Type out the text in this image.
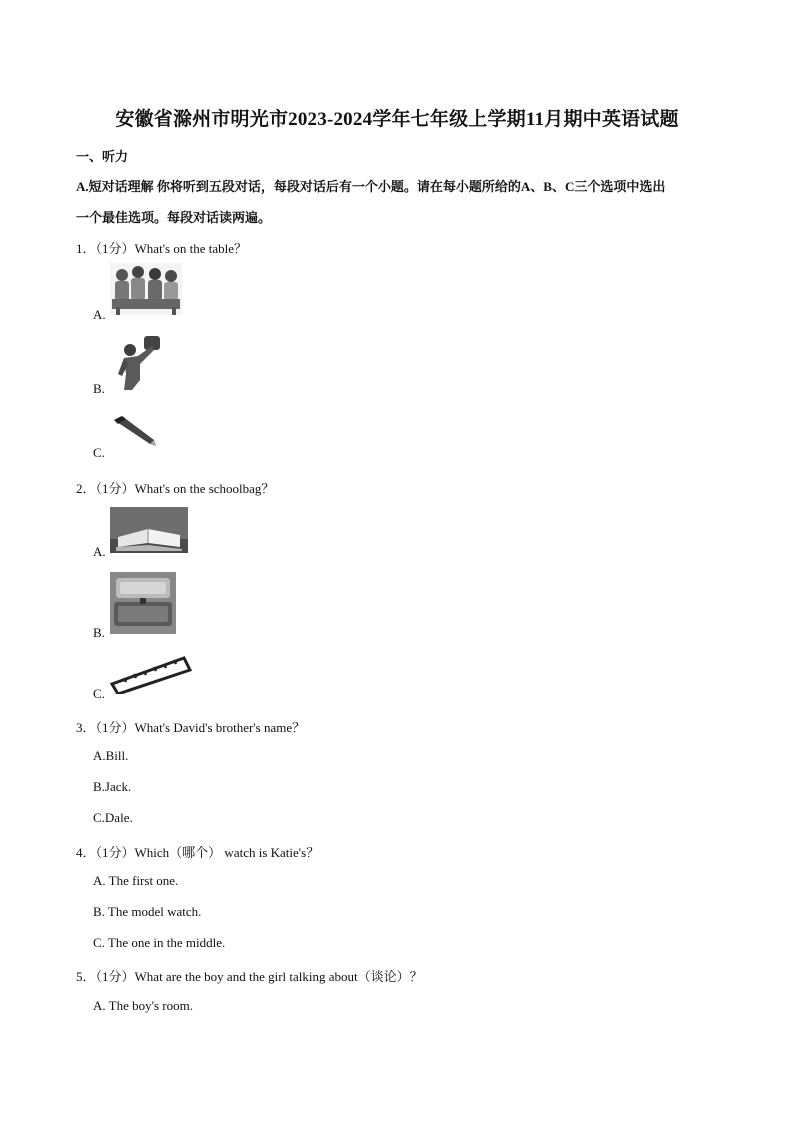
安徽省滁州市明光市2023-2024学年七年级上学期11月期中英语试题
一、听力
A.短对话理解 你将听到五段对话，每段对话后有一个小题。请在每小题所给的A、B、C三个选项中选出
一个最佳选项。每段对话读两遍。
1．（1分）What's on the table？
A.
B.
C.
2．（1分）What's on the schoolbag？
A.
B.
C.
3．（1分）What's David's brother's name？
A.Bill.
B.Jack.
C.Dale.
4．（1分）Which（哪个） watch is Katie's？
A. The first one.
B. The model watch.
C. The one in the middle.
5．（1分）What are the boy and the girl talking about（谈论）？
A. The boy's room.
